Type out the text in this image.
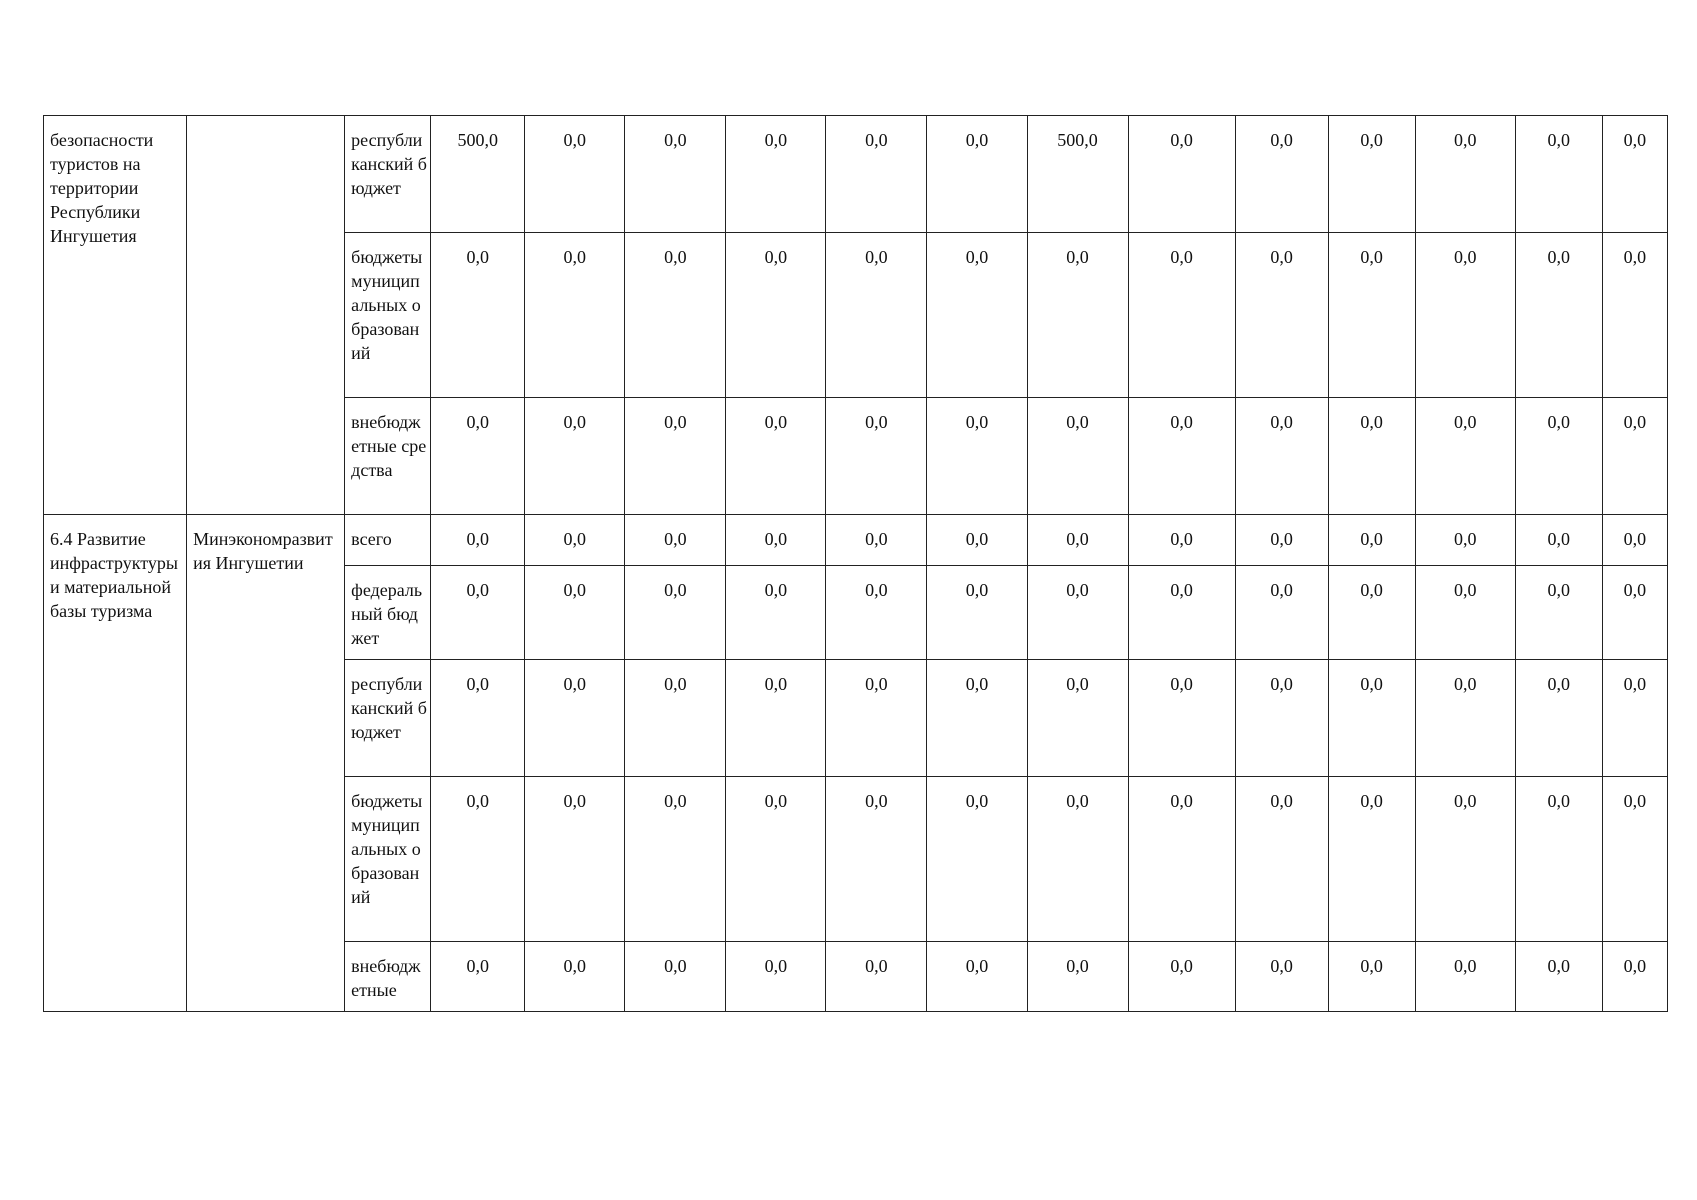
безопасности туристов на территории Республики Ингушетия		республиканский бюджет	500,0	0,0	0,0	0,0	0,0	0,0	500,0	0,0	0,0	0,0	0,0	0,0	0,0

		бюджеты муниципальных образований	0,0	0,0	0,0	0,0	0,0	0,0	0,0	0,0	0,0	0,0	0,0	0,0	0,0

		внебюджетные средства	0,0	0,0	0,0	0,0	0,0	0,0	0,0	0,0	0,0	0,0	0,0	0,0	0,0
6.4 Развитие инфраструктуры и материальной базы туризма	Минэкономразвития Ингушетии	всего	0,0	0,0	0,0	0,0	0,0	0,0	0,0	0,0	0,0	0,0	0,0	0,0	0,0

		федеральный бюджет	0,0	0,0	0,0	0,0	0,0	0,0	0,0	0,0	0,0	0,0	0,0	0,0	0,0

		республиканский бюджет	0,0	0,0	0,0	0,0	0,0	0,0	0,0	0,0	0,0	0,0	0,0	0,0	0,0

		бюджеты муниципальных образований	0,0	0,0	0,0	0,0	0,0	0,0	0,0	0,0	0,0	0,0	0,0	0,0	0,0

		внебюджетные	0,0	0,0	0,0	0,0	0,0	0,0	0,0	0,0	0,0	0,0	0,0	0,0	0,0
